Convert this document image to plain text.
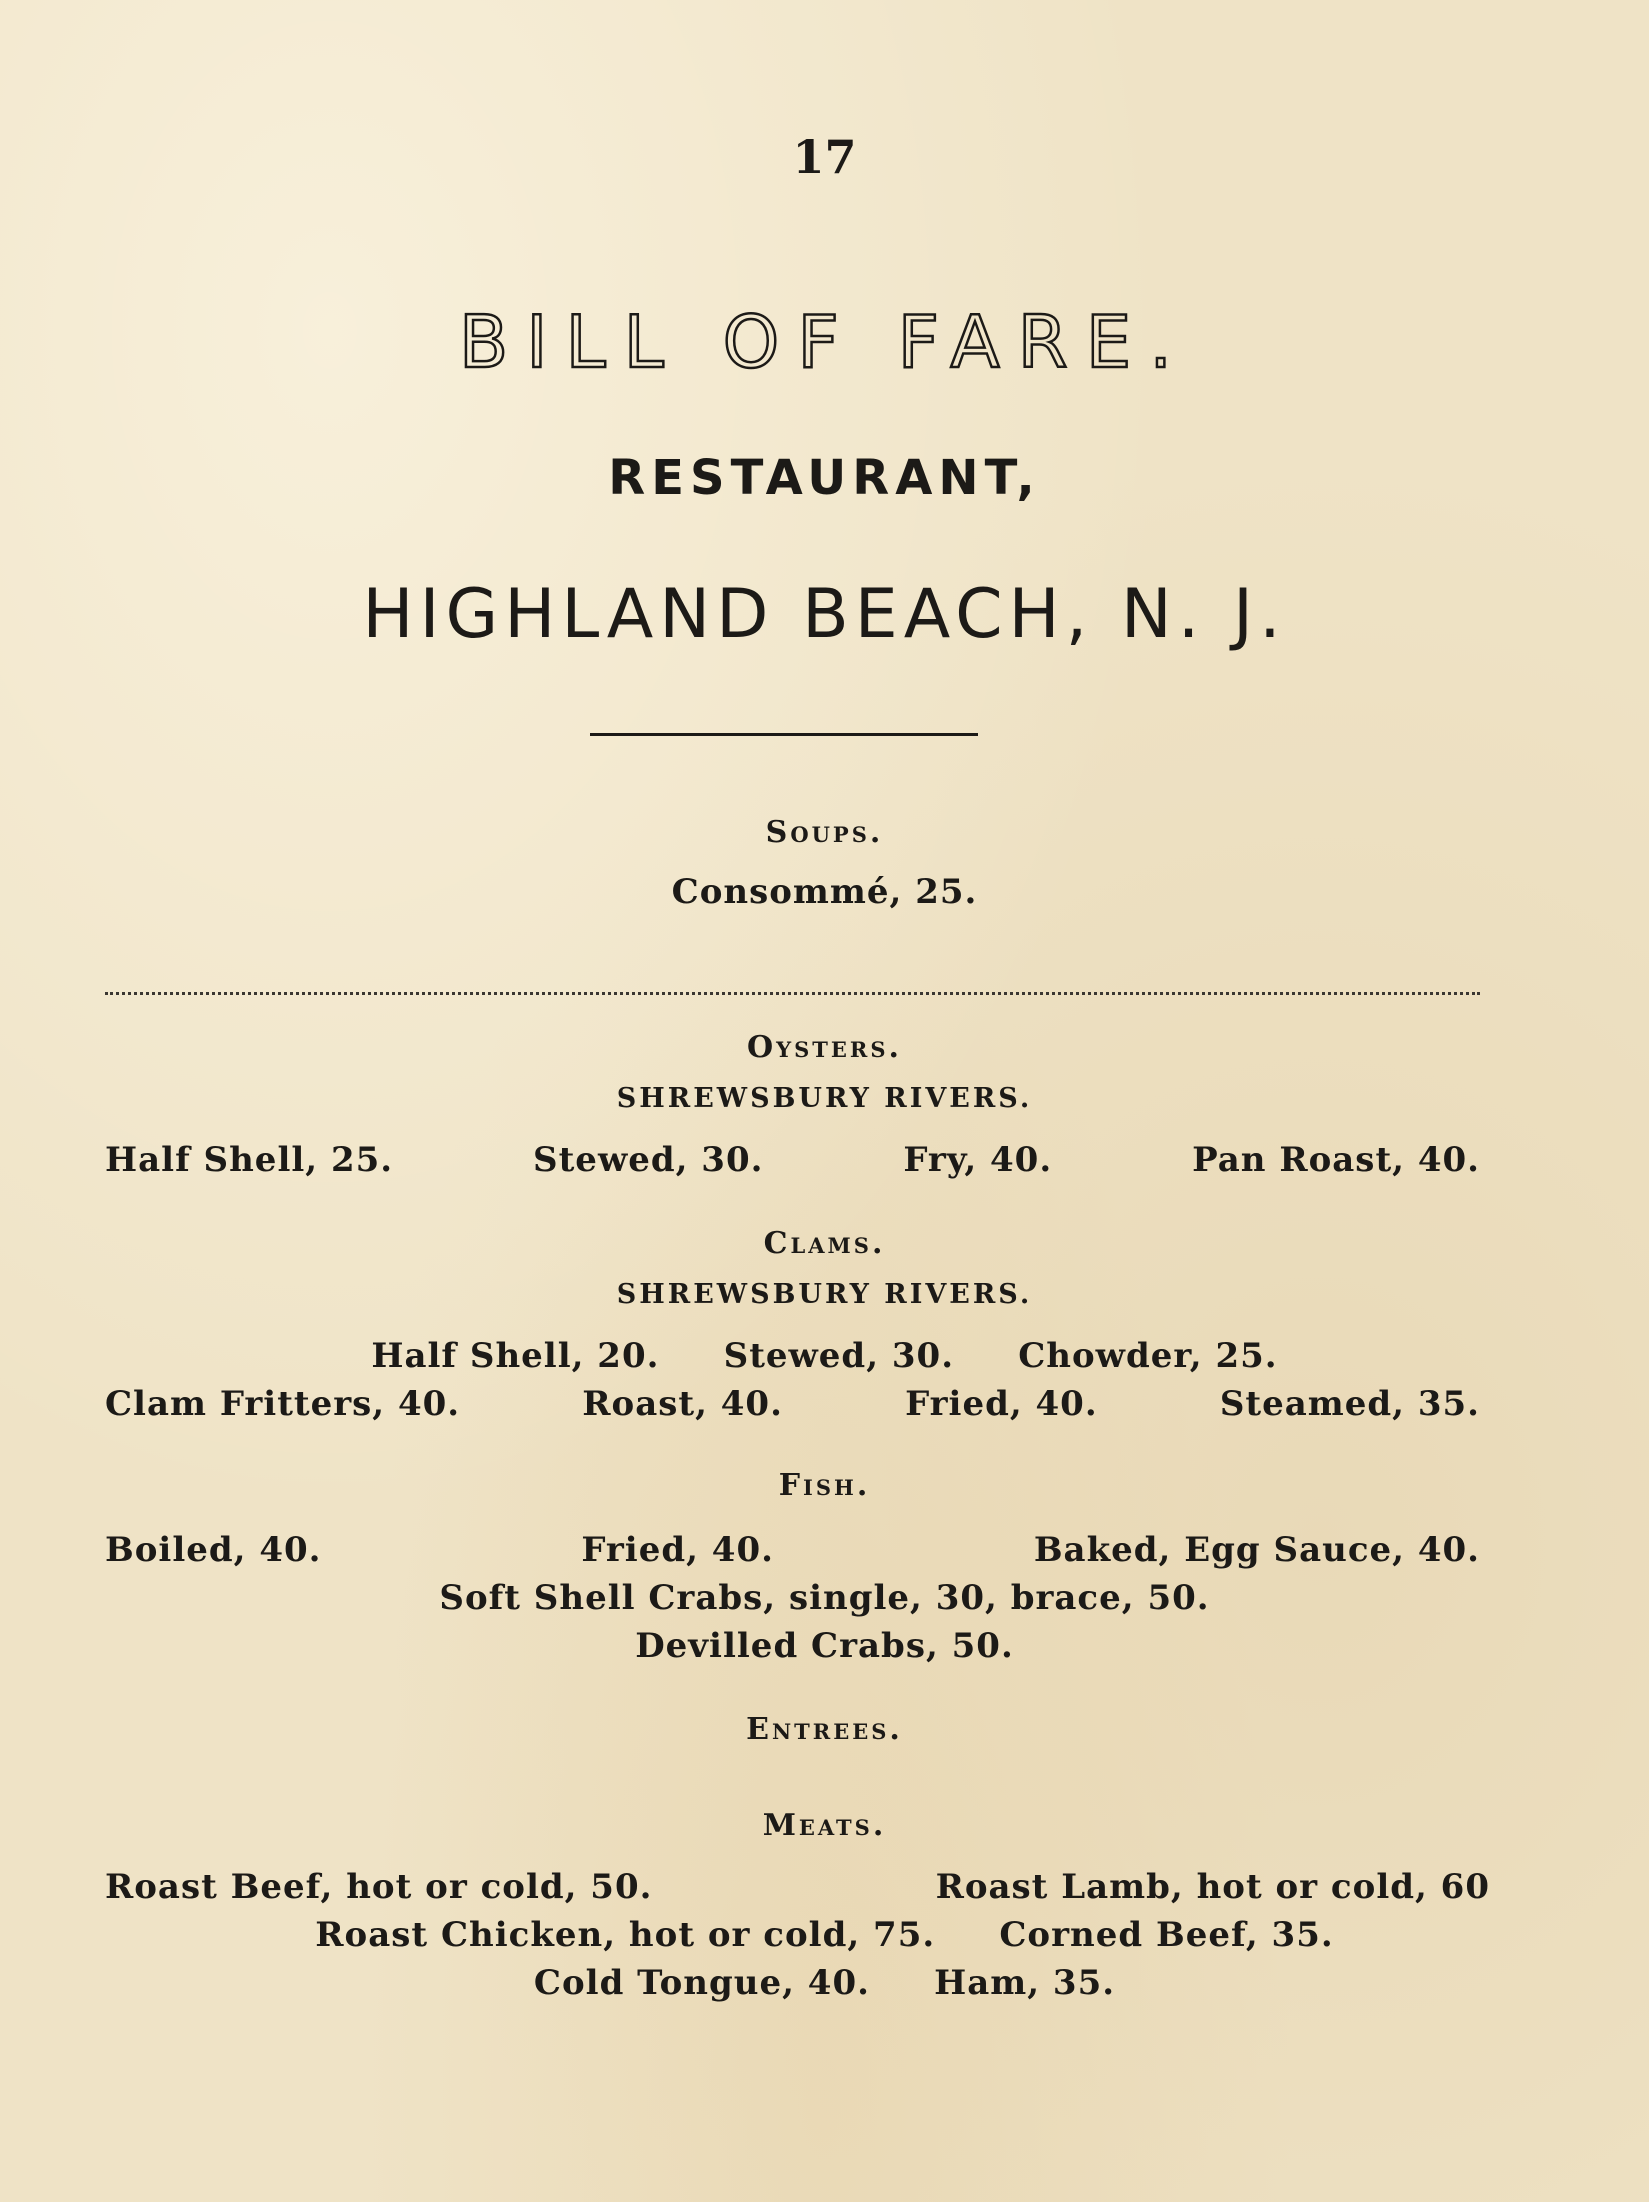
17
BILL OF FARE.
RESTAURANT,
HIGHLAND BEACH, N. J.
Soups.
Consommé, 25.
Oysters.
SHREWSBURY RIVERS.
Half Shell, 25.	Stewed, 30.	Fry, 40.	Pan Roast, 40.
Clams.
SHREWSBURY RIVERS.
Half Shell, 20.     Stewed, 30.     Chowder, 25.
Clam Fritters, 40.	Roast, 40.	Fried, 40.	Steamed, 35.
Fish.
Boiled, 40.	Fried, 40.	Baked, Egg Sauce, 40.
Soft Shell Crabs, single, 30, brace, 50.
Devilled Crabs, 50.
Entrees.
Meats.
Roast Beef, hot or cold, 50.	Roast Lamb, hot or cold, 60
Roast Chicken, hot or cold, 75.     Corned Beef, 35.
Cold Tongue, 40.     Ham, 35.
